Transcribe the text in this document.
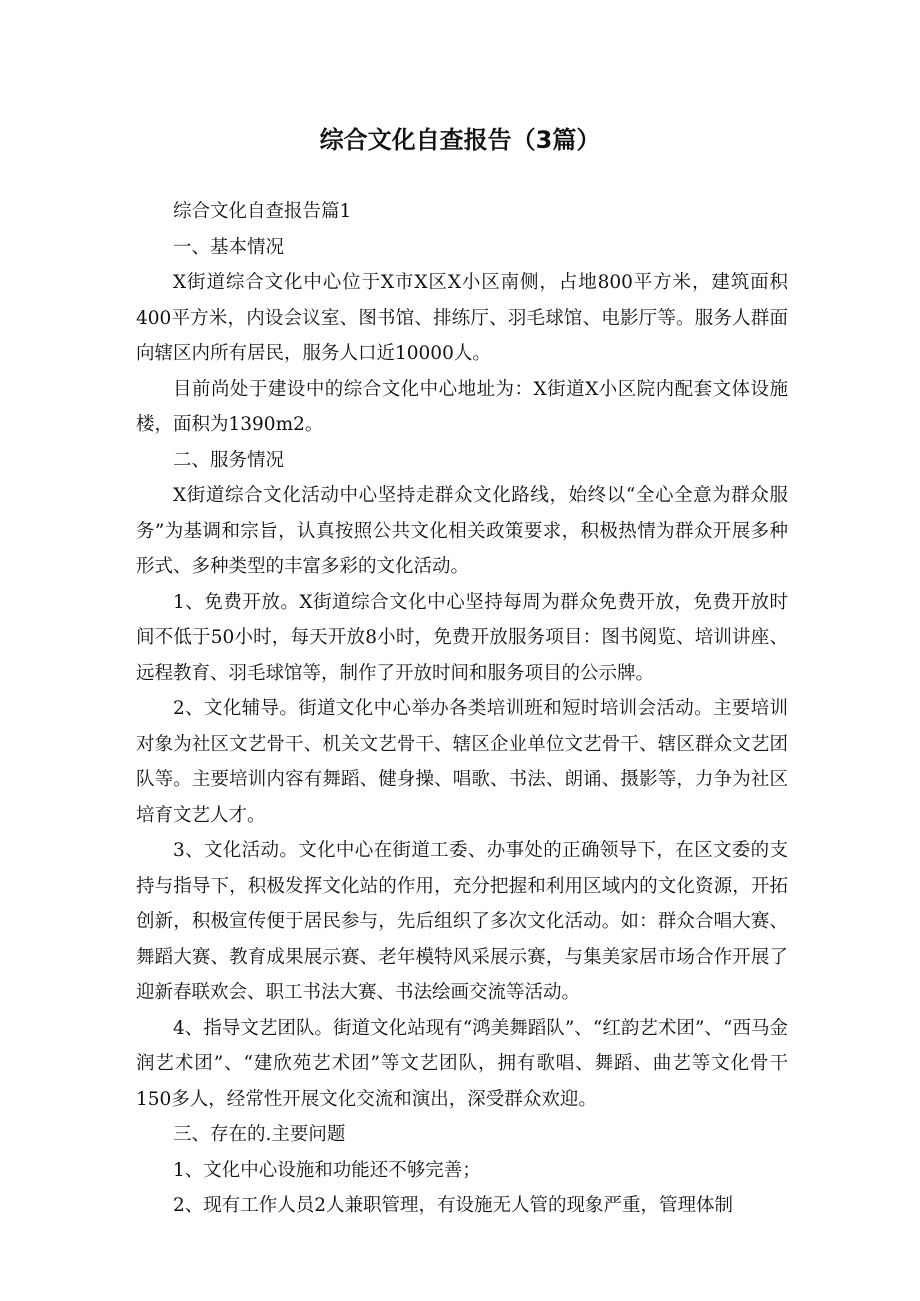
综合文化自查报告（3篇）

综合文化自查报告篇1

一、基本情况

X街道综合文化中心位于X市X区X小区南侧，占地800平方米，建筑面积400平方米，内设会议室、图书馆、排练厅、羽毛球馆、电影厅等。服务人群面向辖区内所有居民，服务人口近10000人。

目前尚处于建设中的综合文化中心地址为：X街道X小区院内配套文体设施楼，面积为1390m2。

二、服务情况

X街道综合文化活动中心坚持走群众文化路线，始终以“全心全意为群众服务”为基调和宗旨，认真按照公共文化相关政策要求，积极热情为群众开展多种形式、多种类型的丰富多彩的文化活动。

1、免费开放。X街道综合文化中心坚持每周为群众免费开放，免费开放时间不低于50小时，每天开放8小时，免费开放服务项目：图书阅览、培训讲座、远程教育、羽毛球馆等，制作了开放时间和服务项目的公示牌。

2、文化辅导。街道文化中心举办各类培训班和短时培训会活动。主要培训对象为社区文艺骨干、机关文艺骨干、辖区企业单位文艺骨干、辖区群众文艺团队等。主要培训内容有舞蹈、健身操、唱歌、书法、朗诵、摄影等，力争为社区培育文艺人才。

3、文化活动。文化中心在街道工委、办事处的正确领导下，在区文委的支持与指导下，积极发挥文化站的作用，充分把握和利用区域内的文化资源，开拓创新，积极宣传便于居民参与，先后组织了多次文化活动。如：群众合唱大赛、舞蹈大赛、教育成果展示赛、老年模特风采展示赛，与集美家居市场合作开展了迎新春联欢会、职工书法大赛、书法绘画交流等活动。

4、指导文艺团队。街道文化站现有“鸿美舞蹈队”、“红韵艺术团”、“西马金润艺术团”、“建欣苑艺术团”等文艺团队，拥有歌唱、舞蹈、曲艺等文化骨干150多人，经常性开展文化交流和演出，深受群众欢迎。

三、存在的.主要问题

1、文化中心设施和功能还不够完善；

2、现有工作人员2人兼职管理，有设施无人管的现象严重，管理体制
